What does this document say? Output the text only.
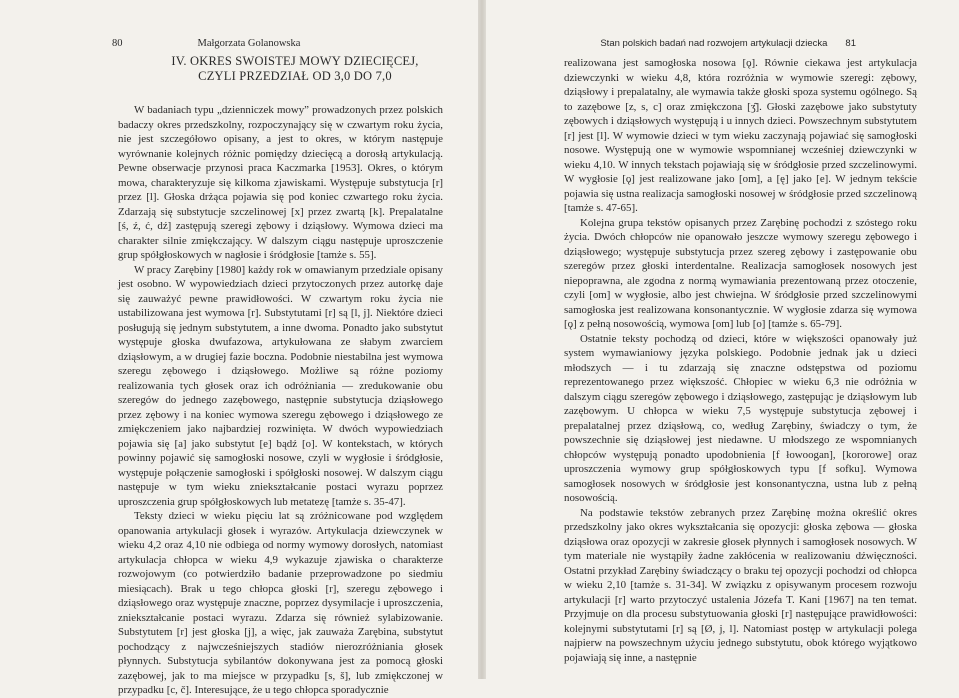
80	Małgorzata Golanowska
IV. OKRES SWOISTEJ MOWY DZIECIĘCEJ,
CZYLI PRZEDZIAŁ OD 3,0 DO 7,0

W badaniach typu „dzienniczek mowy” prowadzonych przez polskich badaczy okres przedszkolny, rozpoczynający się w czwartym roku życia, nie jest szczegółowo opisany, a jest to okres, w którym następuje wyrównanie kolejnych różnic pomiędzy dziecięcą a dorosłą artykulacją. Pewne obserwacje przynosi praca Kaczmarka [1953]. Okres, o którym mowa, charakteryzuje się kilkoma zjawiskami. Występuje substytucja [r] przez [l]. Głoska drżąca pojawia się pod koniec czwartego roku życia. Zdarzają się substytucje szczelinowej [x] przez zwartą [k]. Prepalatalne [ś, ź, ć, dź] zastępują szeregi zębowy i dziąsłowy. Wymowa dzieci ma charakter silnie zmiękczający. W dalszym ciągu następuje uproszczenie grup spółgłoskowych w nagłosie i śródgłosie [tamże s. 55].

W pracy Zarębiny [1980] każdy rok w omawianym przedziale opisany jest osobno. W wypowiedziach dzieci przytoczonych przez autorkę daje się zauważyć pewne prawidłowości. W czwartym roku życia nie ustabilizowana jest wymowa [r]. Substytutami [r] są [l, j]. Niektóre dzieci posługują się jednym substytutem, a inne dwoma. Ponadto jako substytut występuje głoska dwufazowa, artykułowana ze słabym zwarciem dziąsłowym, a w drugiej fazie boczna. Podobnie niestabilna jest wymowa szeregu zębowego i dziąsłowego. Możliwe są różne poziomy realizowania tych głosek oraz ich odróżniania — zredukowanie obu szeregów do jednego zazębowego, następnie substytucja dziąsłowego przez zębowy i na koniec wymowa szeregu zębowego i dziąsłowego ze zmiękczeniem jako najbardziej rozwinięta. W dwóch wypowiedziach pojawia się [a] jako substytut [e] bądź [o]. W kontekstach, w których powinny pojawić się samogłoski nosowe, czyli w wygłosie i śródgłosie, występuje połączenie samogłoski i spółgłoski nosowej. W dalszym ciągu następuje w tym wieku zniekształcanie postaci wyrazu poprzez uproszczenia grup spółgłoskowych lub metatezę [tamże s. 35-47].

Teksty dzieci w wieku pięciu lat są zróżnicowane pod względem opanowania artykulacji głosek i wyrazów. Artykulacja dziewczynek w wieku 4,2 oraz 4,10 nie odbiega od normy wymowy dorosłych, natomiast artykulacja chłopca w wieku 4,9 wykazuje zjawiska o charakterze rozwojowym (co potwierdziło badanie przeprowadzone po siedmiu miesiącach). Brak u tego chłopca głoski [r], szeregu zębowego i dziąsłowego oraz występuje znaczne, poprzez dysymilacje i uproszczenia, zniekształcanie postaci wyrazu. Zdarza się również sylabizowanie. Substytutem [r] jest głoska [j], a więc, jak zauważa Zarębina, substytut pochodzący z najwcześniejszych stadiów nierozróżniania głosek płynnych. Substytucja sybilantów dokonywana jest za pomocą głoski zazębowej, jak to ma miejsce w przypadku [s, š], lub zmiękczonej w przypadku [c, č]. Interesujące, że u tego chłopca sporadycznie

Stan polskich badań nad rozwojem artykulacji dziecka 81

realizowana jest samogłoska nosowa [ǫ]. Równie ciekawa jest artykulacja dziewczynki w wieku 4,8, która rozróżnia w wymowie szeregi: zębowy, dziąsłowy i prepalatalny, ale wymawia także głoski spoza systemu ogólnego. Są to zazębowe [z, s, c] oraz zmiękczona [ʒ̑]. Głoski zazębowe jako substytuty zębowych i dziąsłowych występują i u innych dzieci. Powszechnym substytutem [r] jest [l]. W wymowie dzieci w tym wieku zaczynają pojawiać się samogłoski nosowe. Występują one w wymowie wspomnianej wcześniej dziewczynki w wieku 4,10. W innych tekstach pojawiają się w śródgłosie przed szczelinowymi. W wygłosie [ǫ] jest realizowane jako [om], a [ę] jako [e]. W jednym tekście pojawia się ustna realizacja samogłoski nosowej w śródgłosie przed szczelinową [tamże s. 47-65].

Kolejna grupa tekstów opisanych przez Zarębinę pochodzi z szóstego roku życia. Dwóch chłopców nie opanowało jeszcze wymowy szeregu zębowego i dziąsłowego; występuje substytucja przez szereg zębowy i zastępowanie obu szeregów przez głoski interdentalne. Realizacja samogłosek nosowych jest niepoprawna, ale zgodna z normą wymawiania prezentowaną przez otoczenie, czyli [om] w wygłosie, albo jest chwiejna. W śródgłosie przed szczelinowymi samogłoska jest realizowana konsonantycznie. W wygłosie zdarza się wymowa [ǫ] z pełną nosowością, wymowa [om] lub [o] [tamże s. 65-79].

Ostatnie teksty pochodzą od dzieci, które w większości opanowały już system wymawianiowy języka polskiego. Podobnie jednak jak u dzieci młodszych — i tu zdarzają się znaczne odstępstwa od poziomu reprezentowanego przez większość. Chłopiec w wieku 6,3 nie odróżnia w dalszym ciągu szeregów zębowego i dziąsłowego, zastępując je dziąsłowym lub zazębowym. U chłopca w wieku 7,5 występuje substytucja zębowej i prepalatalnej przez dziąsłową, co, według Zarębiny, świadczy o tym, że powszechnie się dziąsłowej jest niedawne. U młodszego ze wspomnianych chłopców występują ponadto upodobnienia [f łowoogan], [kororowe] oraz uproszczenia wymowy grup spółgłoskowych typu [f sofku]. Wymowa samogłosek nosowych w śródgłosie jest konsonantyczna, ustna lub z pełną nosowością.

Na podstawie tekstów zebranych przez Zarębinę można określić okres przedszkolny jako okres wykształcania się opozycji: głoska zębowa — głoska dziąsłowa oraz opozycji w zakresie głosek płynnych i samogłosek nosowych. W tym materiale nie wystąpiły żadne zakłócenia w realizowaniu dźwięczności. Ostatni przykład Zarębiny świadczący o braku tej opozycji pochodzi od chłopca w wieku 2,10 [tamże s. 31-34]. W związku z opisywanym procesem rozwoju artykulacji [r] warto przytoczyć ustalenia Józefa T. Kani [1967] na ten temat. Przyjmuje on dla procesu substytuowania głoski [r] następujące prawidłowości: kolejnymi substytutami [r] są [Ø, j, l]. Natomiast postęp w artykulacji polega najpierw na powszechnym użyciu jednego substytutu, obok którego wyjątkowo pojawiają się inne, a następnie
